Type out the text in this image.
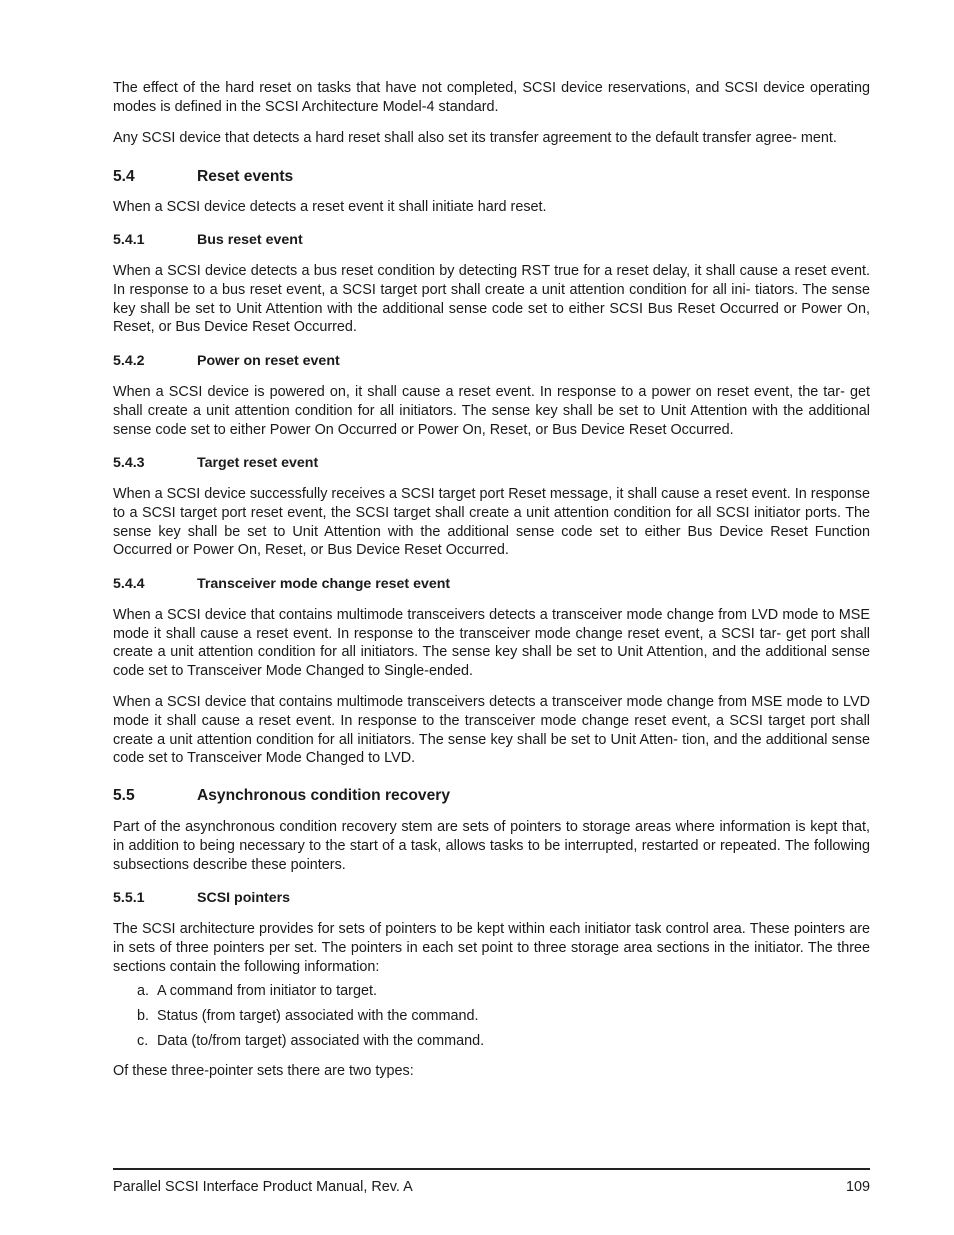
The effect of the hard reset on tasks that have not completed, SCSI device reservations, and SCSI device operating modes is defined in the SCSI Architecture Model-4 standard.

Any SCSI device that detects a hard reset shall also set its transfer agreement to the default transfer agree- ment.

5.4	Reset events

When a SCSI device detects a reset event it shall initiate hard reset.

5.4.1	Bus reset event

When a SCSI device detects a bus reset condition by detecting RST true for a reset delay, it shall cause a reset event. In response to a bus reset event, a SCSI target port shall create a unit attention condition for all ini- tiators. The sense key shall be set to Unit Attention with the additional sense code set to either SCSI Bus Reset Occurred or Power On, Reset, or Bus Device Reset Occurred.

5.4.2	Power on reset event

When a SCSI device is powered on, it shall cause a reset event. In response to a power on reset event, the tar- get shall create a unit attention condition for all initiators. The sense key shall be set to Unit Attention with the additional sense code set to either Power On Occurred or Power On, Reset, or Bus Device Reset Occurred.

5.4.3	Target reset event

When a SCSI device successfully receives a SCSI target port Reset message, it shall cause a reset event. In response to a SCSI target port reset event, the SCSI target shall create a unit attention condition for all SCSI initiator ports. The sense key shall be set to Unit Attention with the additional sense code set to either Bus Device Reset Function Occurred or Power On, Reset, or Bus Device Reset Occurred.

5.4.4	Transceiver mode change reset event

When a SCSI device that contains multimode transceivers detects a transceiver mode change from LVD mode to MSE mode it shall cause a reset event. In response to the transceiver mode change reset event, a SCSI tar- get port shall create a unit attention condition for all initiators. The sense key shall be set to Unit Attention, and the additional sense code set to Transceiver Mode Changed to Single-ended.

When a SCSI device that contains multimode transceivers detects a transceiver mode change from MSE mode to LVD mode it shall cause a reset event. In response to the transceiver mode change reset event, a SCSI target port shall create a unit attention condition for all initiators. The sense key shall be set to Unit Atten- tion, and the additional sense code set to Transceiver Mode Changed to LVD.

5.5	Asynchronous condition recovery

Part of the asynchronous condition recovery stem are sets of pointers to storage areas where information is kept that, in addition to being necessary to the start of a task, allows tasks to be interrupted, restarted or repeated. The following subsections describe these pointers.

5.5.1	SCSI pointers

The SCSI architecture provides for sets of pointers to be kept within each initiator task control area. These pointers are in sets of three pointers per set. The pointers in each set point to three storage area sections in the initiator. The three sections contain the following information:

a. A command from initiator to target.
b. Status (from target) associated with the command.
c. Data (to/from target) associated with the command.

Of these three-pointer sets there are two types:

Parallel SCSI Interface Product Manual, Rev. A	109
